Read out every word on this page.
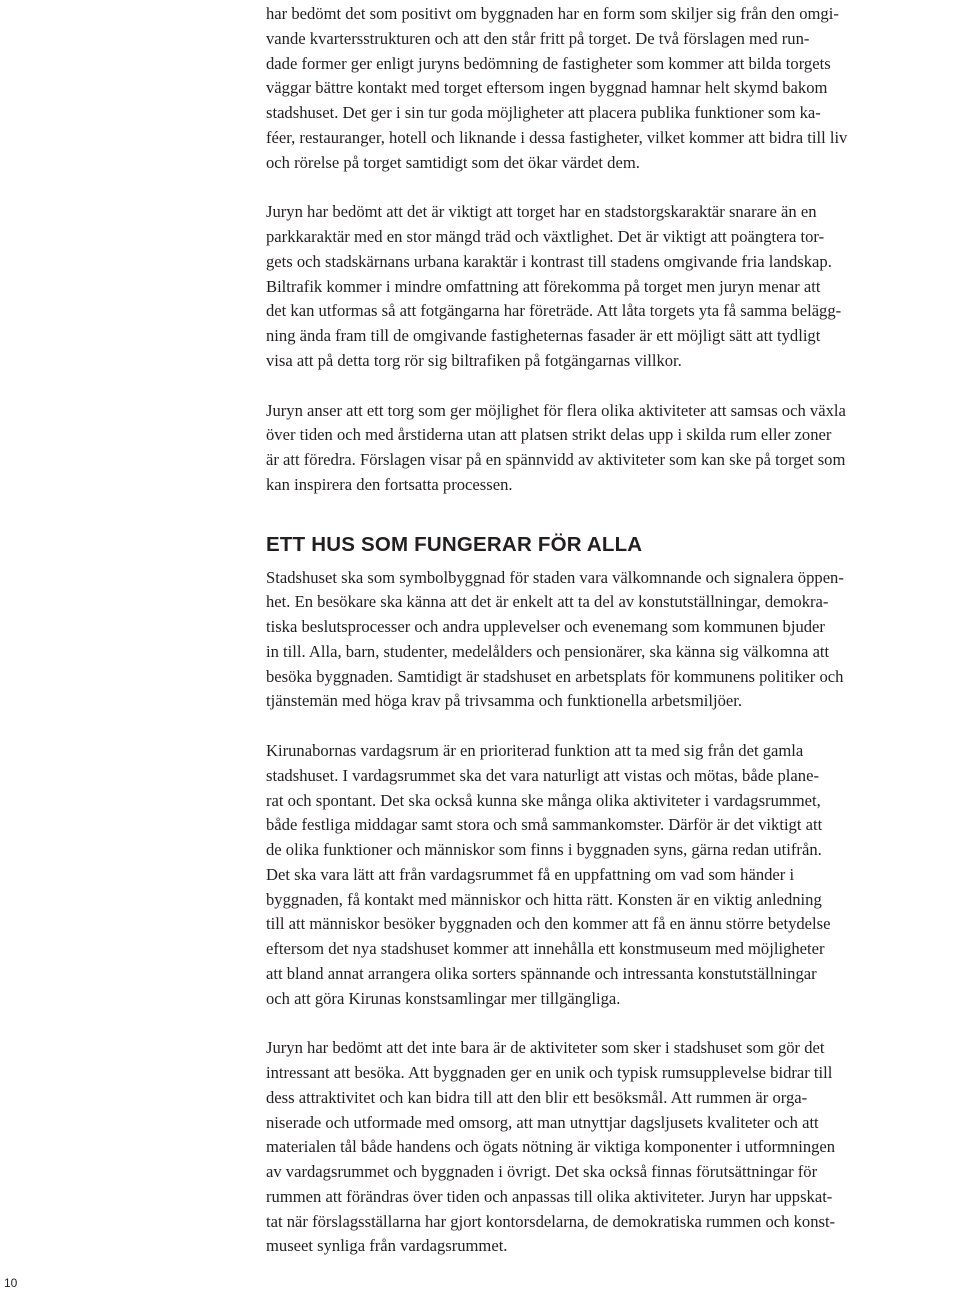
har bedömt det som positivt om byggnaden har en form som skiljer sig från den omgi-
vande kvartersstrukturen och att den står fritt på torget. De två förslagen med run-
dade former ger enligt juryns bedömning de fastigheter som kommer att bilda torgets
väggar bättre kontakt med torget eftersom ingen byggnad hamnar helt skymd bakom
stadshuset. Det ger i sin tur goda möjligheter att placera publika funktioner som ka-
féer, restauranger, hotell och liknande i dessa fastigheter, vilket kommer att bidra till liv
och rörelse på torget samtidigt som det ökar värdet dem.

Juryn har bedömt att det är viktigt att torget har en stadstorgskaraktär snarare än en
parkkaraktär med en stor mängd träd och växtlighet. Det är viktigt att poängtera tor-
gets och stadskärnans urbana karaktär i kontrast till stadens omgivande fria landskap.
Biltrafik kommer i mindre omfattning att förekomma på torget men juryn menar att
det kan utformas så att fotgängarna har företräde. Att låta torgets yta få samma belägg-
ning ända fram till de omgivande fastigheternas fasader är ett möjligt sätt att tydligt
visa att på detta torg rör sig biltrafiken på fotgängarnas villkor.

Juryn anser att ett torg som ger möjlighet för flera olika aktiviteter att samsas och växla
över tiden och med årstiderna utan att platsen strikt delas upp i skilda rum eller zoner
är att föredra. Förslagen visar på en spännvidd av aktiviteter som kan ske på torget som
kan inspirera den fortsatta processen.

ETT HUS SOM FUNGERAR FÖR ALLA

Stadshuset ska som symbolbyggnad för staden vara välkomnande och signalera öppen-
het. En besökare ska känna att det är enkelt att ta del av konstutställningar, demokra-
tiska beslutsprocesser och andra upplevelser och evenemang som kommunen bjuder
in till. Alla, barn, studenter, medelålders och pensionärer, ska känna sig välkomna att
besöka byggnaden. Samtidigt är stadshuset en arbetsplats för kommunens politiker och
tjänstemän med höga krav på trivsamma och funktionella arbetsmiljöer.

Kirunabornas vardagsrum är en prioriterad funktion att ta med sig från det gamla
stadshuset. I vardagsrummet ska det vara naturligt att vistas och mötas, både plane-
rat och spontant. Det ska också kunna ske många olika aktiviteter i vardagsrummet,
både festliga middagar samt stora och små sammankomster. Därför är det viktigt att
de olika funktioner och människor som finns i byggnaden syns, gärna redan utifrån.
Det ska vara lätt att från vardagsrummet få en uppfattning om vad som händer i
byggnaden, få kontakt med människor och hitta rätt. Konsten är en viktig anledning
till att människor besöker byggnaden och den kommer att få en ännu större betydelse
eftersom det nya stadshuset kommer att innehålla ett konstmuseum med möjligheter
att bland annat arrangera olika sorters spännande och intressanta konstutställningar
och att göra Kirunas konstsamlingar mer tillgängliga.

Juryn har bedömt att det inte bara är de aktiviteter som sker i stadshuset som gör det
intressant att besöka. Att byggnaden ger en unik och typisk rumsupplevelse bidrar till
dess attraktivitet och kan bidra till att den blir ett besöksmål. Att rummen är orga-
niserade och utformade med omsorg, att man utnyttjar dagsljusets kvaliteter och att
materialen tål både handens och ögats nötning är viktiga komponenter i utformningen
av vardagsrummet och byggnaden i övrigt. Det ska också finnas förutsättningar för
rummen att förändras över tiden och anpassas till olika aktiviteter. Juryn har uppskat-
tat när förslagsställarna har gjort kontorsdelarna, de demokratiska rummen och konst-
museet synliga från vardagsrummet.

10
